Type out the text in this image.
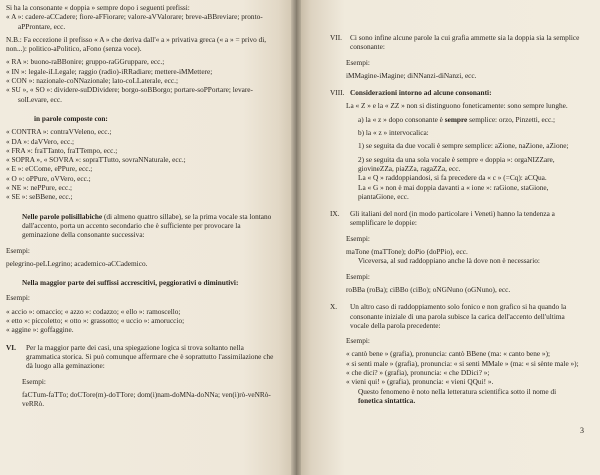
Si ha la consonante « doppia » sempre dopo i seguenti prefissi:

« A »: cadere-aCCadere; fiore-aFFiorare; valore-aVValorare; breve-aBBreviare; pronto-aPProntare, ecc.

N.B.: Fa eccezione il prefisso « A » che deriva dall'« a » privativa greca (« a » = privo di, non...): politico-aPolitico, aFono (senza voce).

« RA »: buono-raBBonire; gruppo-raGGruppare, ecc.;

« IN »: legale-iLLegale; raggio (radio)-iRRadiare; mettere-iMMettere;

« CON »: nazionale-coNNazionale; lato-coLLaterale, ecc.;

« SU », « SO »: dividere-suDDividere; borgo-soBBorgo; portare-soPPortare; levare-solLevare, ecc.

in parole composte con:

« CONTRA »: contraVVeleno, ecc.;

« DA »: daVVero, ecc.;

« FRA »: fraTTanto, fraTTempo, ecc.;

« SOPRA », « SOVRA »: sopraTTutto, sovraNNaturale, ecc.;

« E »: eCCome, ePPure, ecc.;

« O »: oPPure, oVVero, ecc.;

« NE »: nePPure, ecc.;

« SE »: seBBene, ecc.;

Nelle parole polisillabiche (di almeno quattro sillabe), se la prima vocale sta lontano dall'accento, porta un accento secondario che è sufficiente per provocare la geminazione della consonante successiva:

Esempi:

pelegrino-peLLegrino; academico-aCCademico.

Nella maggior parte dei suffissi accrescitivi, peggiorativi o diminutivi:

Esempi:

« accio »: omaccio; « azzo »: codazzo; « ello »: ramoscello;

« etto »: piccoletto; « otto »: grassotto; « uccio »: amoruccio;

« aggine »: goffaggine.

VI.	Per la maggior parte dei casi, una spiegazione logica si trova soltanto nella grammatica storica. Si può comunque affermare che è soprattutto l'assimilazione che dà luogo alla geminazione:

Esempi:

faCTum-faTTo; doCTore(m)-doTTore; dom(i)nam-doMNa-doNNa; ven(i)rò-veNRò-veRRò.

VII.	Ci sono infine alcune parole la cui grafia ammette sia la doppia sia la semplice consonante:

Esempi:

iMMagine-iMagine; diNNanzi-diNanzi, ecc.

VIII. Considerazioni intorno ad alcune consonanti:

La « Z » e la « ZZ » non si distinguono foneticamente: sono sempre lunghe.

a) la « z » dopo consonante è sempre semplice: orzo, Pinzetti, ecc.;

b) la « z » intervocalica:

1) se seguita da due vocali è sempre semplice: aZione, naZione, aZione;

2) se seguita da una sola vocale è sempre « doppia »: orgaNIZZare, giovineZZa, piaZZa, ragaZZa, ecc.

La « Q » raddoppiandosi, si fa precedere da « c » (=Cq): aCQua.

La « G » non è mai doppia davanti a « ione »: raGione, staGione, piantaGione, ecc.

IX.	Gli italiani del nord (in modo particolare i Veneti) hanno la tendenza a semplificare le doppie:

Esempi:

maTone (maTTone); doPio (doPPio), ecc.

Viceversa, al sud raddoppiano anche là dove non è necessario:

Esempi:

roBBa (roBa); ciBBo (ciBo); oNGNuno (oGNuno), ecc.

X.	Un altro caso di raddoppiamento solo fonico e non grafico si ha quando la consonante iniziale di una parola subisce la carica dell'accento dell'ultima vocale della parola precedente:

Esempi:

« cantò bene » (grafia), pronuncia: cantò BBene (ma: « canto bene »);

« si senti male » (grafia), pronuncia: « si senti MMale » (ma: « si sènte male »);

« che dici? » (grafia), pronuncia: « che DDici? »;

« vieni qui! » (grafia), pronuncia: « vieni QQui! ».

Questo fenomeno è noto nella letteratura scientifica sotto il nome di fonetica sintattica.

3
